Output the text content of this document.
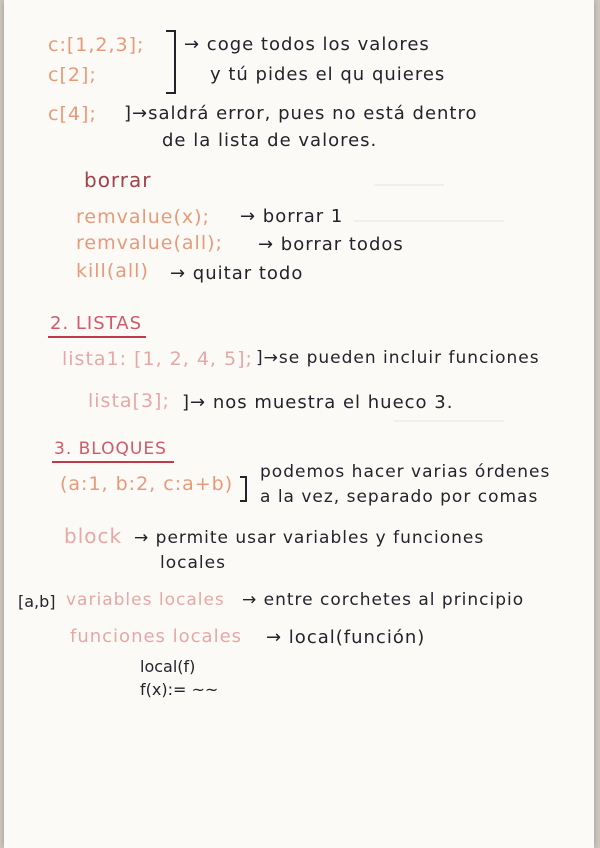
c:[1,2,3]; → coge todos los valores
c[2];	y tú pides el qu quieres
c[4]; ]→saldrá error, pues no está dentro
de la lista de valores.
borrar
remvalue(x); → borrar 1
remvalue(all); → borrar todos
kill(all) → quitar todo
2. LISTAS
lista1: [1, 2, 4, 5]; ]→se pueden incluir funciones
lista[3]; ]→ nos muestra el hueco 3.
3. BLOQUES
(a:1, b:2, c:a+b)
podemos hacer varias órdenes
a la vez, separado por comas
block → permite usar variables y funciones
locales
[a,b] variables locales → entre corchetes al principio
funciones locales → local(función)
local(f)
f(x):= ~~
